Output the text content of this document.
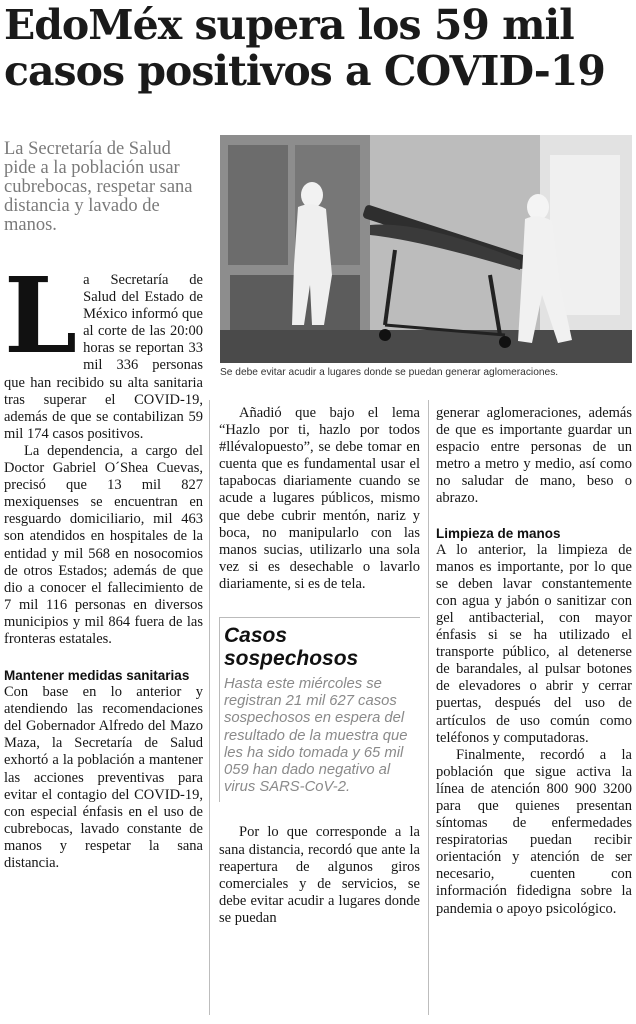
EdoMéx supera los 59 mil casos positivos a COVID-19
La Secretaría de Salud pide a la población usar cubrebocas, respetar sana distancia y lavado de manos.
Se debe evitar acudir a lugares donde se puedan generar aglomeraciones.

La Secretaría de Salud del Estado de México informó que al corte de las 20:00 horas se reportan 33 mil 336 personas que han recibido su alta sanitaria tras superar el COVID-19, además de que se contabilizan 59 mil 174 casos positivos.

La dependencia, a cargo del Doctor Gabriel O´Shea Cuevas, precisó que 13 mil 827 mexiquenses se encuentran en resguardo domiciliario, mil 463 son atendidos en hospitales de la entidad y mil 568 en nosocomios de otros Estados; además de que dio a conocer el fallecimiento de 7 mil 116 personas en diversos municipios y mil 864 fuera de las fronteras estatales.

Mantener medidas sanitarias

Con base en lo anterior y atendiendo las recomendaciones del Gobernador Alfredo del Mazo Maza, la Secretaría de Salud exhortó a la población a mantener las acciones preventivas para evitar el contagio del COVID-19, con especial énfasis en el uso de cubrebocas, lavado constante de manos y respetar la sana distancia.

Añadió que bajo el lema “Hazlo por ti, hazlo por todos #llévalopuesto”, se debe tomar en cuenta que es fundamental usar el tapabocas diariamente cuando se acude a lugares públicos, mismo que debe cubrir mentón, nariz y boca, no manipularlo con las manos sucias, utilizarlo una sola vez si es desechable o lavarlo diariamente, si es de tela.

Casos sospechosos
Hasta este miércoles se registran 21 mil 627 casos sospechosos en espera del resultado de la muestra que les ha sido tomada y 65 mil 059 han dado negativo al virus SARS-CoV-2.

Por lo que corresponde a la sana distancia, recordó que ante la reapertura de algunos giros comerciales y de servicios, se debe evitar acudir a lugares donde se puedan

generar aglomeraciones, además de que es importante guardar un espacio entre personas de un metro a metro y medio, así como no saludar de mano, beso o abrazo.

Limpieza de manos

A lo anterior, la limpieza de manos es importante, por lo que se deben lavar constantemente con agua y jabón o sanitizar con gel antibacterial, con mayor énfasis si se ha utilizado el transporte público, al detenerse de barandales, al pulsar botones de elevadores o abrir y cerrar puertas, después del uso de artículos de uso común como teléfonos y computadoras.

Finalmente, recordó a la población que sigue activa la línea de atención 800 900 3200 para que quienes presentan síntomas de enfermedades respiratorias puedan recibir orientación y atención de ser necesario, cuenten con información fidedigna sobre la pandemia o apoyo psicológico.
